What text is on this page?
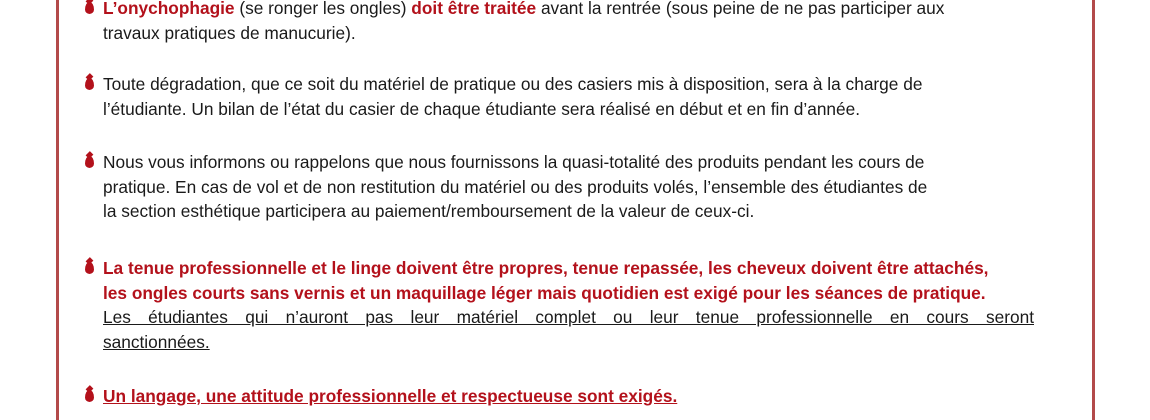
L’onychophagie (se ronger les ongles) doit être traitée avant la rentrée (sous peine de ne pas participer aux
travaux pratiques de manucurie).
Toute dégradation, que ce soit du matériel de pratique ou des casiers mis à disposition, sera à la charge de
l’étudiante. Un bilan de l’état du casier de chaque étudiante sera réalisé en début et en fin d’année.
Nous vous informons ou rappelons que nous fournissons la quasi-totalité des produits pendant les cours de
pratique. En cas de vol et de non restitution du matériel ou des produits volés, l’ensemble des étudiantes de
la section esthétique participera au paiement/remboursement de la valeur de ceux-ci.
La tenue professionnelle et le linge doivent être propres, tenue repassée, les cheveux doivent être attachés,
les ongles courts sans vernis et un maquillage léger mais quotidien est exigé pour les séances de pratique.
Les étudiantes qui n’auront pas leur matériel complet ou leur tenue professionnelle en cours seront
sanctionnées.
Un langage, une attitude professionnelle et respectueuse sont exigés.
